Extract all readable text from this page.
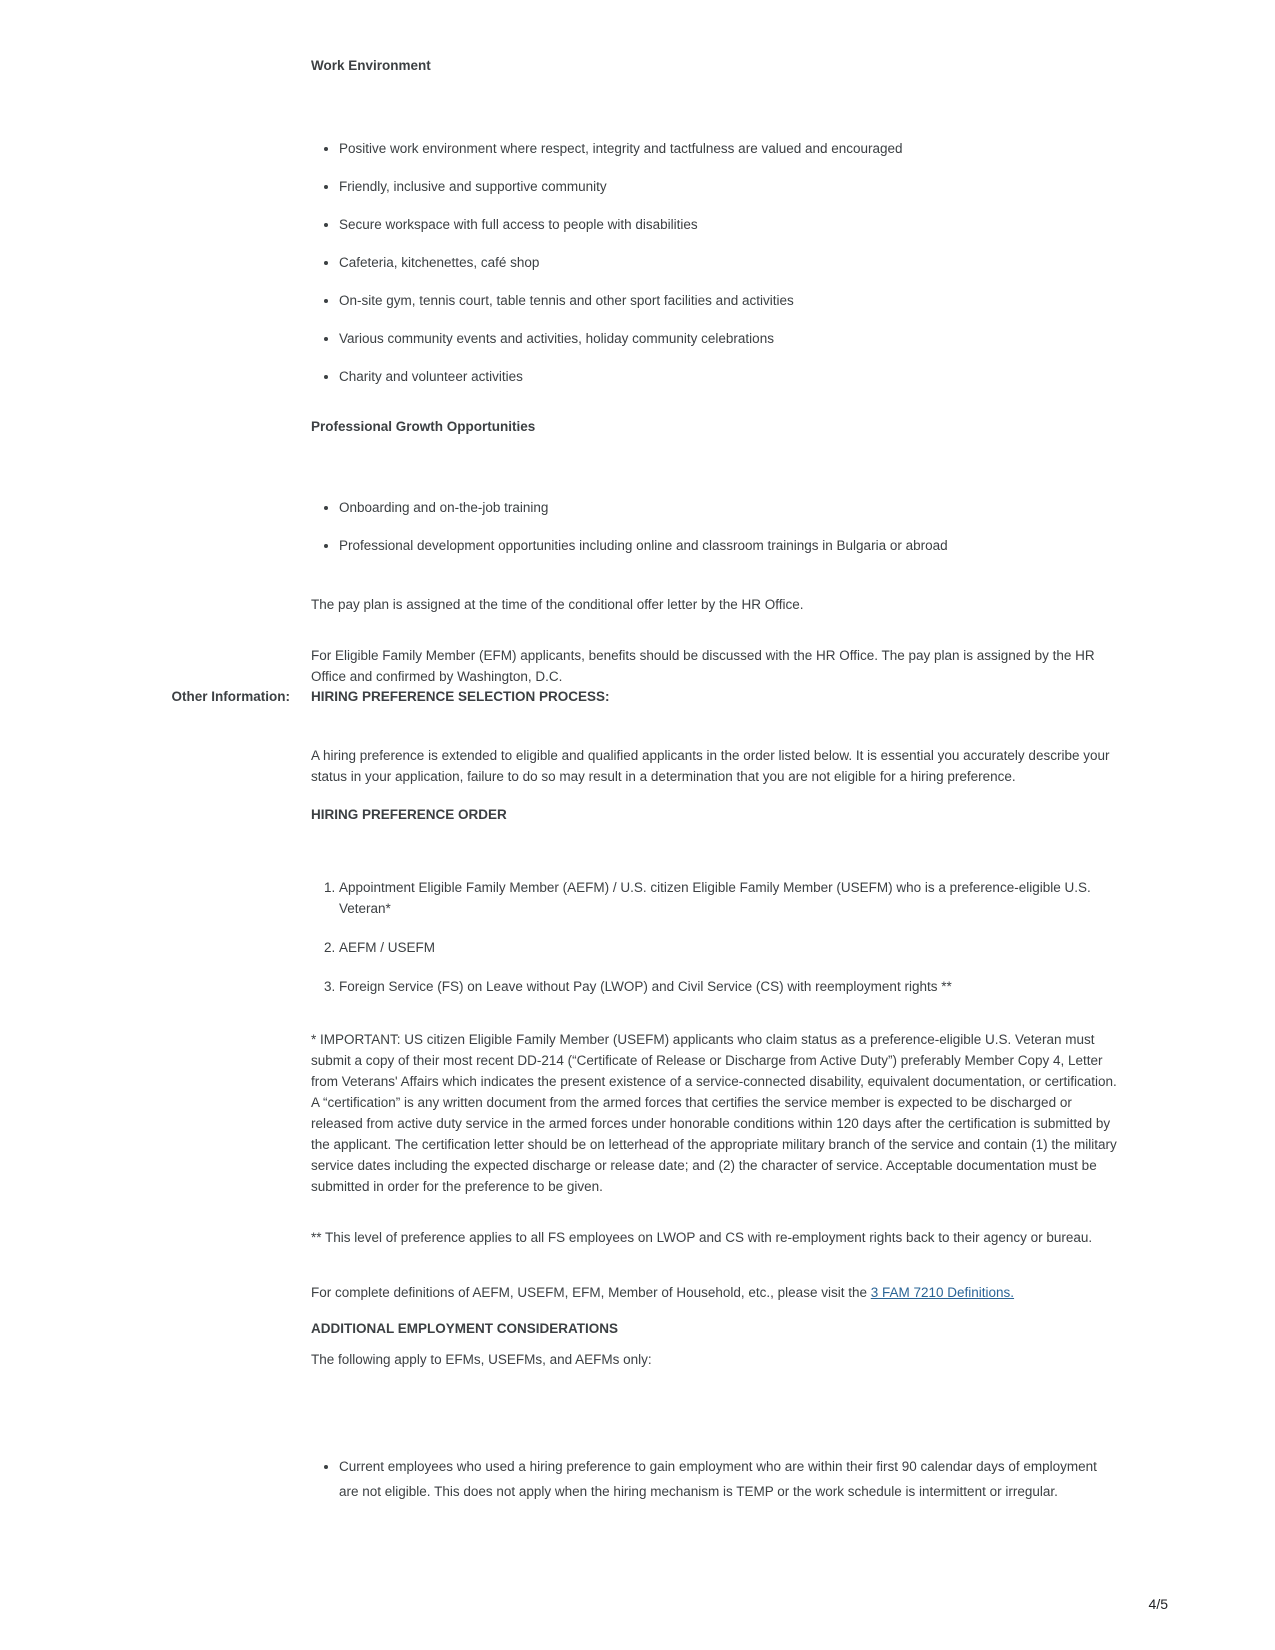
Work Environment
• Positive work environment where respect, integrity and tactfulness are valued and encouraged
• Friendly, inclusive and supportive community
• Secure workspace with full access to people with disabilities
• Cafeteria, kitchenettes, café shop
• On-site gym, tennis court, table tennis and other sport facilities and activities
• Various community events and activities, holiday community celebrations
• Charity and volunteer activities
Professional Growth Opportunities
• Onboarding and on-the-job training
• Professional development opportunities including online and classroom trainings in Bulgaria or abroad

The pay plan is assigned at the time of the conditional offer letter by the HR Office.

For Eligible Family Member (EFM) applicants, benefits should be discussed with the HR Office. The pay plan is assigned by the HR Office and confirmed by Washington, D.C.

Other Information: HIRING PREFERENCE SELECTION PROCESS:

A hiring preference is extended to eligible and qualified applicants in the order listed below. It is essential you accurately describe your status in your application, failure to do so may result in a determination that you are not eligible for a hiring preference.

HIRING PREFERENCE ORDER
1. Appointment Eligible Family Member (AEFM) / U.S. citizen Eligible Family Member (USEFM) who is a preference-eligible U.S. Veteran*
2. AEFM / USEFM
3. Foreign Service (FS) on Leave without Pay (LWOP) and Civil Service (CS) with reemployment rights **

* IMPORTANT: US citizen Eligible Family Member (USEFM) applicants who claim status as a preference-eligible U.S. Veteran must submit a copy of their most recent DD-214 (“Certificate of Release or Discharge from Active Duty”) preferably Member Copy 4, Letter from Veterans' Affairs which indicates the present existence of a service-connected disability, equivalent documentation, or certification. A “certification” is any written document from the armed forces that certifies the service member is expected to be discharged or released from active duty service in the armed forces under honorable conditions within 120 days after the certification is submitted by the applicant. The certification letter should be on letterhead of the appropriate military branch of the service and contain (1) the military service dates including the expected discharge or release date; and (2) the character of service. Acceptable documentation must be submitted in order for the preference to be given.

** This level of preference applies to all FS employees on LWOP and CS with re-employment rights back to their agency or bureau.

For complete definitions of AEFM, USEFM, EFM, Member of Household, etc., please visit the 3 FAM 7210 Definitions.

ADDITIONAL EMPLOYMENT CONSIDERATIONS

The following apply to EFMs, USEFMs, and AEFMs only:

• Current employees who used a hiring preference to gain employment who are within their first 90 calendar days of employment are not eligible. This does not apply when the hiring mechanism is TEMP or the work schedule is intermittent or irregular.
4/5
